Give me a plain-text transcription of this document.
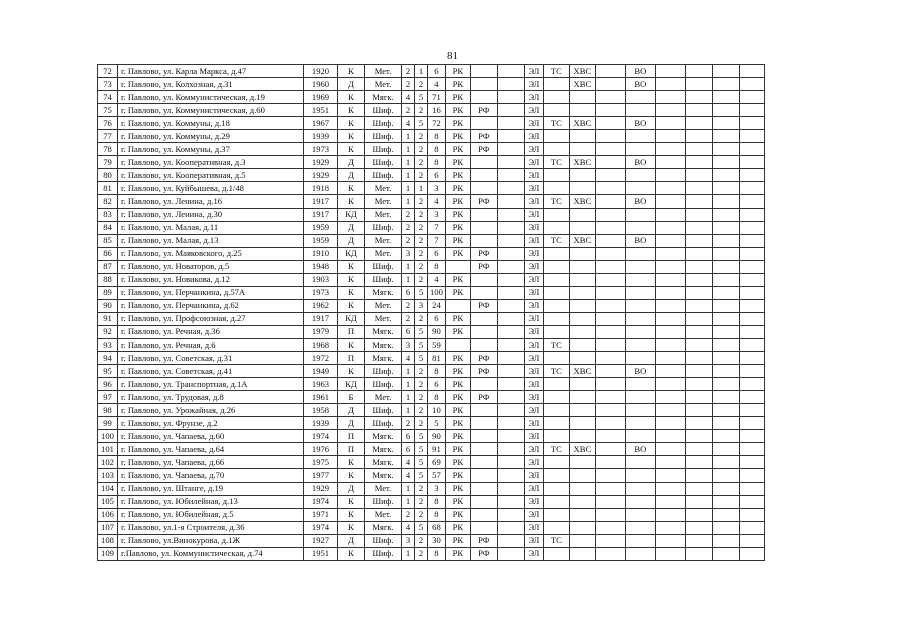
81
72	г. Павлово, ул. Карла Маркса, д.47	1920	К	Мет.	2	1	6	РК			ЭЛ	ТС	ХВС		ВО				
73	г. Павлово, ул. Колхозная, д.31	1960	Д	Мет.	2	2	4	РК			ЭЛ		ХВС		ВО				
74	г. Павлово, ул. Коммунистическая, д.19	1969	К	Мягк.	4	5	71	РК			ЭЛ								
75	г. Павлово, ул. Коммунистическая, д.60	1951	К	Шиф.	2	2	16	РК	РФ		ЭЛ								
76	г. Павлово, ул. Коммуны, д.18	1967	К	Шиф.	4	5	72	РК			ЭЛ	ТС	ХВС		ВО				
77	г. Павлово, ул. Коммуны, д.29	1939	К	Шиф.	1	2	8	РК	РФ		ЭЛ								
78	г. Павлово, ул. Коммуны, д.37	1973	К	Шиф.	1	2	8	РК	РФ		ЭЛ								
79	г. Павлово, ул. Кооперативная, д.3	1929	Д	Шиф.	1	2	8	РК			ЭЛ	ТС	ХВС		ВО				
80	г. Павлово, ул. Кооперативная, д.5	1929	Д	Шиф.	1	2	6	РК			ЭЛ								
81	г. Павлово, ул. Куйбышева, д.1/48	1918	К	Мет.	1	1	3	РК			ЭЛ								
82	г. Павлово, ул. Ленина, д.16	1917	К	Мет.	1	2	4	РК	РФ		ЭЛ	ТС	ХВС		ВО				
83	г. Павлово, ул. Ленина, д.30	1917	КД	Мет.	2	2	3	РК			ЭЛ								
84	г. Павлово, ул. Малая, д.11	1959	Д	Шиф.	2	2	7	РК			ЭЛ								
85	г. Павлово, ул. Малая, д.13	1959	Д	Мет.	2	2	7	РК			ЭЛ	ТС	ХВС		ВО				
86	г. Павлово, ул. Маяковского, д.25	1910	КД	Мет.	3	2	6	РК	РФ		ЭЛ								
87	г. Павлово, ул. Новаторов, д.5	1948	К	Шиф.	1	2	8		РФ		ЭЛ								
88	г. Павлово, ул. Новикова, д.12	1903	К	Шиф.	1	2	4	РК			ЭЛ								
89	г. Павлово, ул. Перчанкина, д.57А	1973	К	Мягк.	6	5	100	РК			ЭЛ								
90	г. Павлово, ул. Перчанкина, д.62	1962	К	Мет.	2	3	24		РФ		ЭЛ								
91	г. Павлово, ул. Профсоюзная, д.27	1917	КД	Мет.	2	2	6	РК			ЭЛ								
92	г. Павлово, ул. Речная, д.36	1979	П	Мягк.	6	5	90	РК			ЭЛ								
93	г. Павлово, ул. Речная, д.6	1968	К	Мягк.	3	5	59				ЭЛ	ТС							
94	г. Павлово, ул. Советская, д.31	1972	П	Мягк.	4	5	81	РК	РФ		ЭЛ								
95	г. Павлово, ул. Советская, д.41	1949	К	Шиф.	1	2	8	РК	РФ		ЭЛ	ТС	ХВС		ВО				
96	г. Павлово, ул. Транспортная, д.1А	1963	КД	Шиф.	1	2	6	РК			ЭЛ								
97	г. Павлово, ул. Трудовая, д.8	1961	Б	Мет.	1	2	8	РК	РФ		ЭЛ								
98	г. Павлово, ул. Урожайная, д.26	1958	Д	Шиф.	1	2	10	РК			ЭЛ								
99	г. Павлово, ул. Фрунзе, д.2	1939	Д	Шиф.	2	2	5	РК			ЭЛ								
100	г. Павлово, ул. Чапаева, д.60	1974	П	Мягк.	6	5	90	РК			ЭЛ								
101	г. Павлово, ул. Чапаева, д.64	1976	П	Мягк.	6	5	91	РК			ЭЛ	ТС	ХВС		ВО				
102	г. Павлово, ул. Чапаева, д.66	1975	К	Мягк.	4	5	69	РК			ЭЛ								
103	г. Павлово, ул. Чапаева, д.70	1977	К	Мягк.	4	5	57	РК			ЭЛ								
104	г. Павлово, ул. Штанге, д.19	1929	Д	Мет.	1	2	3	РК			ЭЛ								
105	г. Павлово, ул. Юбилейная, д.13	1974	К	Шиф.	1	2	8	РК			ЭЛ								
106	г. Павлово, ул. Юбилейная, д.5	1971	К	Мет.	2	2	8	РК			ЭЛ								
107	г. Павлово, ул.1-я Строителя, д.36	1974	К	Мягк.	4	5	68	РК			ЭЛ								
108	г. Павлово, ул.Винокурова, д.1Ж	1927	Д	Шиф.	3	2	30	РК	РФ		ЭЛ	ТС							
109	г.Павлово, ул. Коммунистическая, д.74	1951	К	Шиф.	1	2	8	РК	РФ		ЭЛ								
